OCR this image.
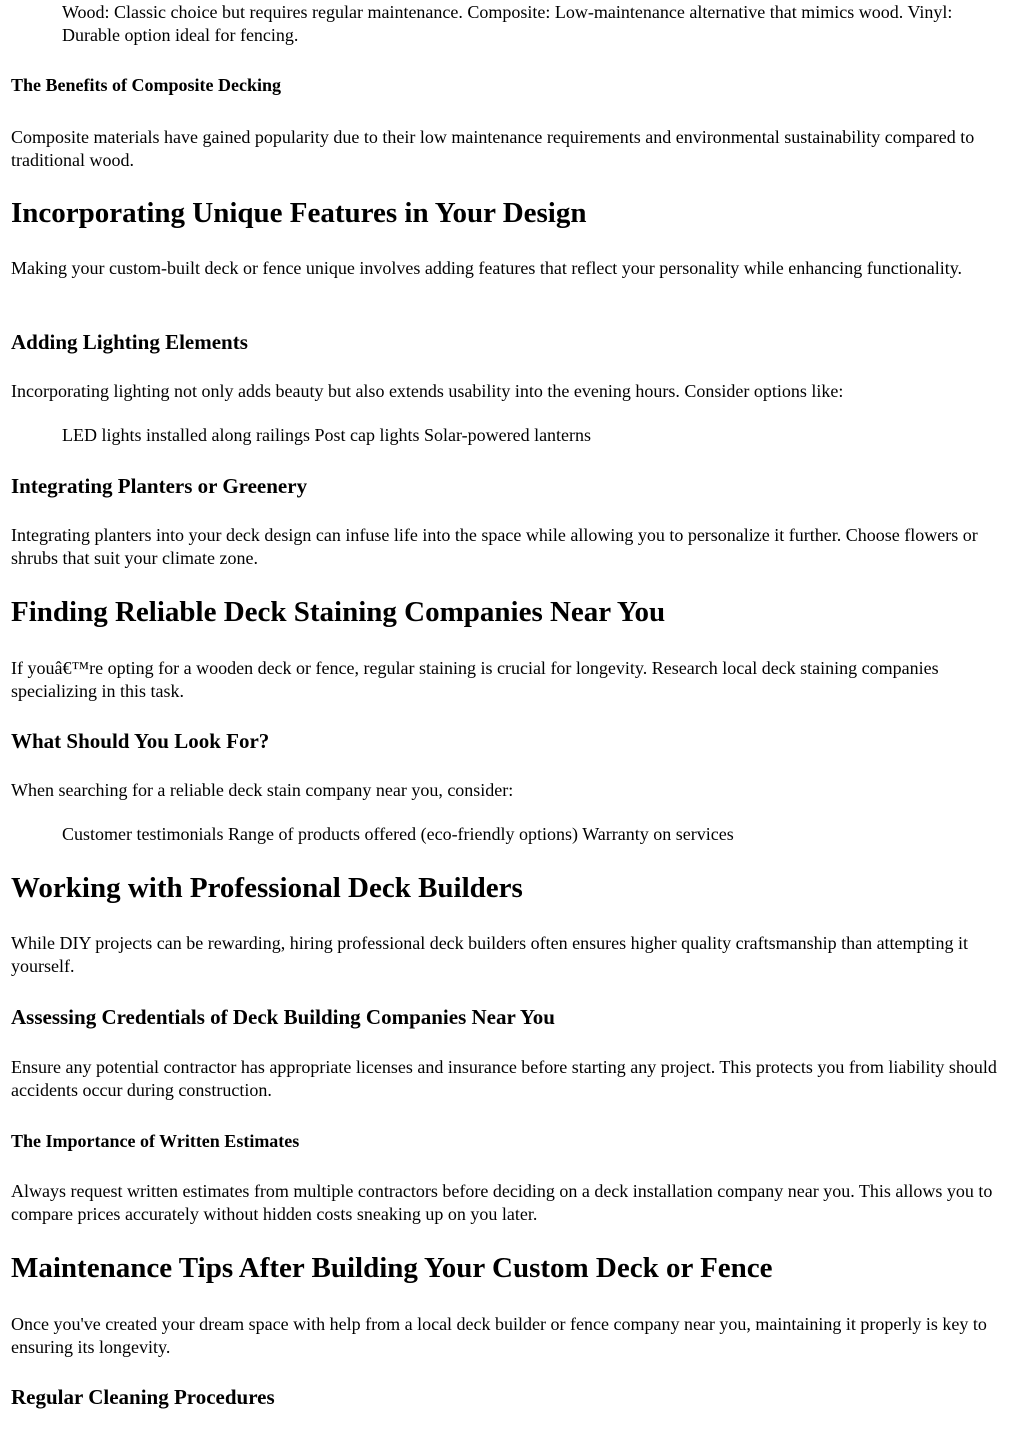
Wood: Classic choice but requires regular maintenance. Composite: Low-maintenance alternative that mimics wood. Vinyl: Durable option ideal for fencing.
The Benefits of Composite Decking

Composite materials have gained popularity due to their low maintenance requirements and environmental sustainability compared to traditional wood.

Incorporating Unique Features in Your Design

Making your custom-built deck or fence unique involves adding features that reflect your personality while enhancing functionality.

Adding Lighting Elements

Incorporating lighting not only adds beauty but also extends usability into the evening hours. Consider options like:

LED lights installed along railings Post cap lights Solar-powered lanterns
Integrating Planters or Greenery

Integrating planters into your deck design can infuse life into the space while allowing you to personalize it further. Choose flowers or shrubs that suit your climate zone.

Finding Reliable Deck Staining Companies Near You

If youâ€™re opting for a wooden deck or fence, regular staining is crucial for longevity. Research local deck staining companies specializing in this task.

What Should You Look For?

When searching for a reliable deck stain company near you, consider:

Customer testimonials Range of products offered (eco-friendly options) Warranty on services
Working with Professional Deck Builders

While DIY projects can be rewarding, hiring professional deck builders often ensures higher quality craftsmanship than attempting it yourself.

Assessing Credentials of Deck Building Companies Near You

Ensure any potential contractor has appropriate licenses and insurance before starting any project. This protects you from liability should accidents occur during construction.

The Importance of Written Estimates

Always request written estimates from multiple contractors before deciding on a deck installation company near you. This allows you to compare prices accurately without hidden costs sneaking up on you later.

Maintenance Tips After Building Your Custom Deck or Fence

Once you've created your dream space with help from a local deck builder or fence company near you, maintaining it properly is key to ensuring its longevity.

Regular Cleaning Procedures
